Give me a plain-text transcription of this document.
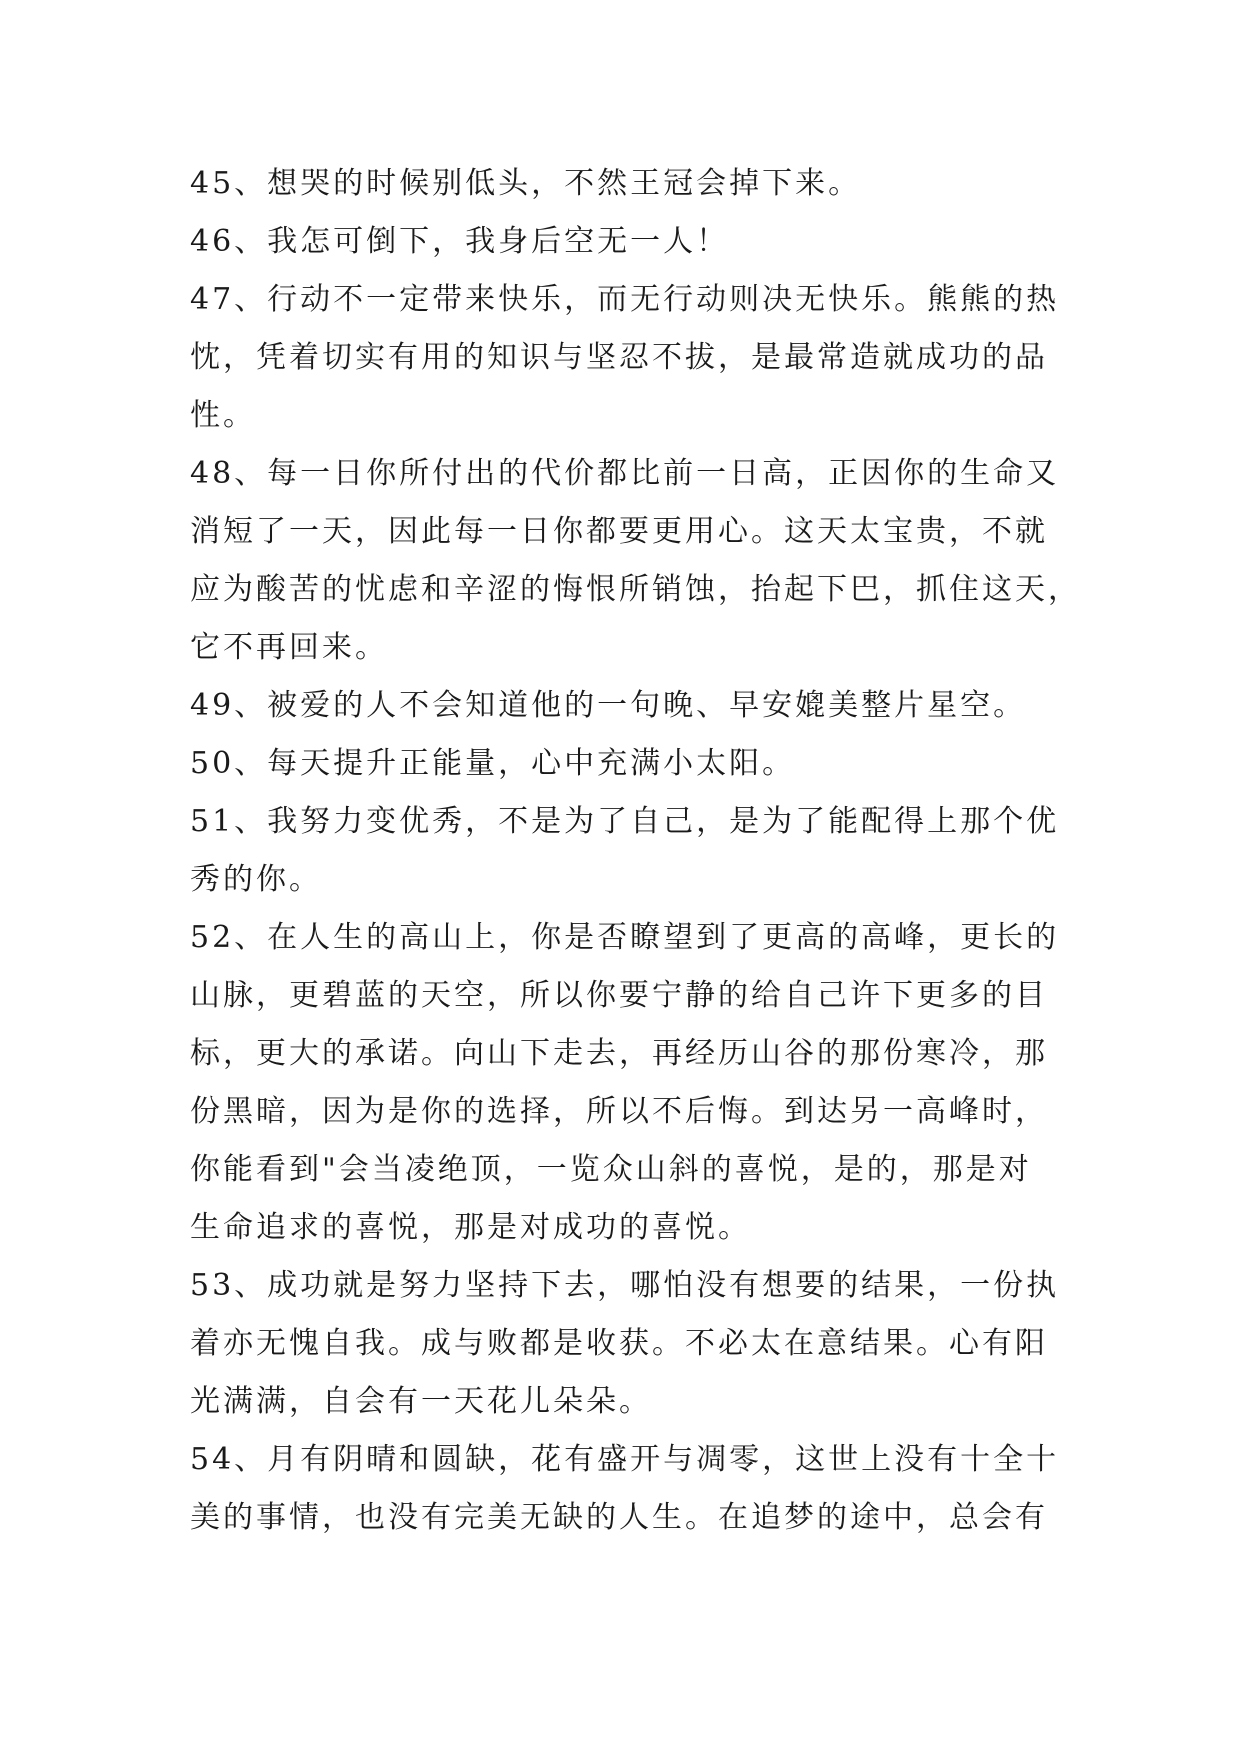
45、想哭的时候别低头，不然王冠会掉下来。
46、我怎可倒下，我身后空无一人！
47、行动不一定带来快乐，而无行动则决无快乐。熊熊的热
忱，凭着切实有用的知识与坚忍不拔，是最常造就成功的品
性。
48、每一日你所付出的代价都比前一日高，正因你的生命又
消短了一天，因此每一日你都要更用心。这天太宝贵，不就
应为酸苦的忧虑和辛涩的悔恨所销蚀，抬起下巴，抓住这天，
它不再回来。
49、被爱的人不会知道他的一句晚、早安媲美整片星空。
50、每天提升正能量，心中充满小太阳。
51、我努力变优秀，不是为了自己，是为了能配得上那个优
秀的你。
52、在人生的高山上，你是否瞭望到了更高的高峰，更长的
山脉，更碧蓝的天空，所以你要宁静的给自己许下更多的目
标，更大的承诺。向山下走去，再经历山谷的那份寒冷，那
份黑暗，因为是你的选择，所以不后悔。到达另一高峰时，
你能看到"会当凌绝顶，一览众山斜的喜悦，是的，那是对
生命追求的喜悦，那是对成功的喜悦。
53、成功就是努力坚持下去，哪怕没有想要的结果，一份执
着亦无愧自我。成与败都是收获。不必太在意结果。心有阳
光满满，自会有一天花儿朵朵。
54、月有阴晴和圆缺，花有盛开与凋零，这世上没有十全十
美的事情，也没有完美无缺的人生。在追梦的途中，总会有
